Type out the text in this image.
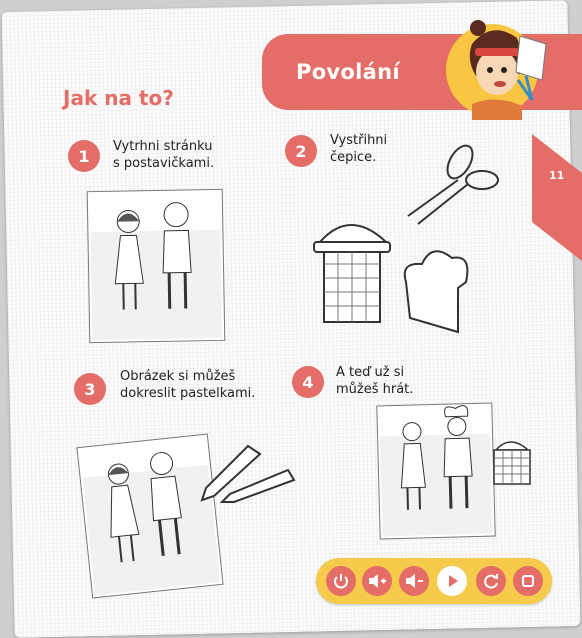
Povolání
Jak na to?
11
1	Vytrhni stránku
s postavičkami.
2
Vystřihni
čepice.
3
Obrázek si můžeš
dokreslit pastelkami.
4	A teď už si
můžeš hrát.
